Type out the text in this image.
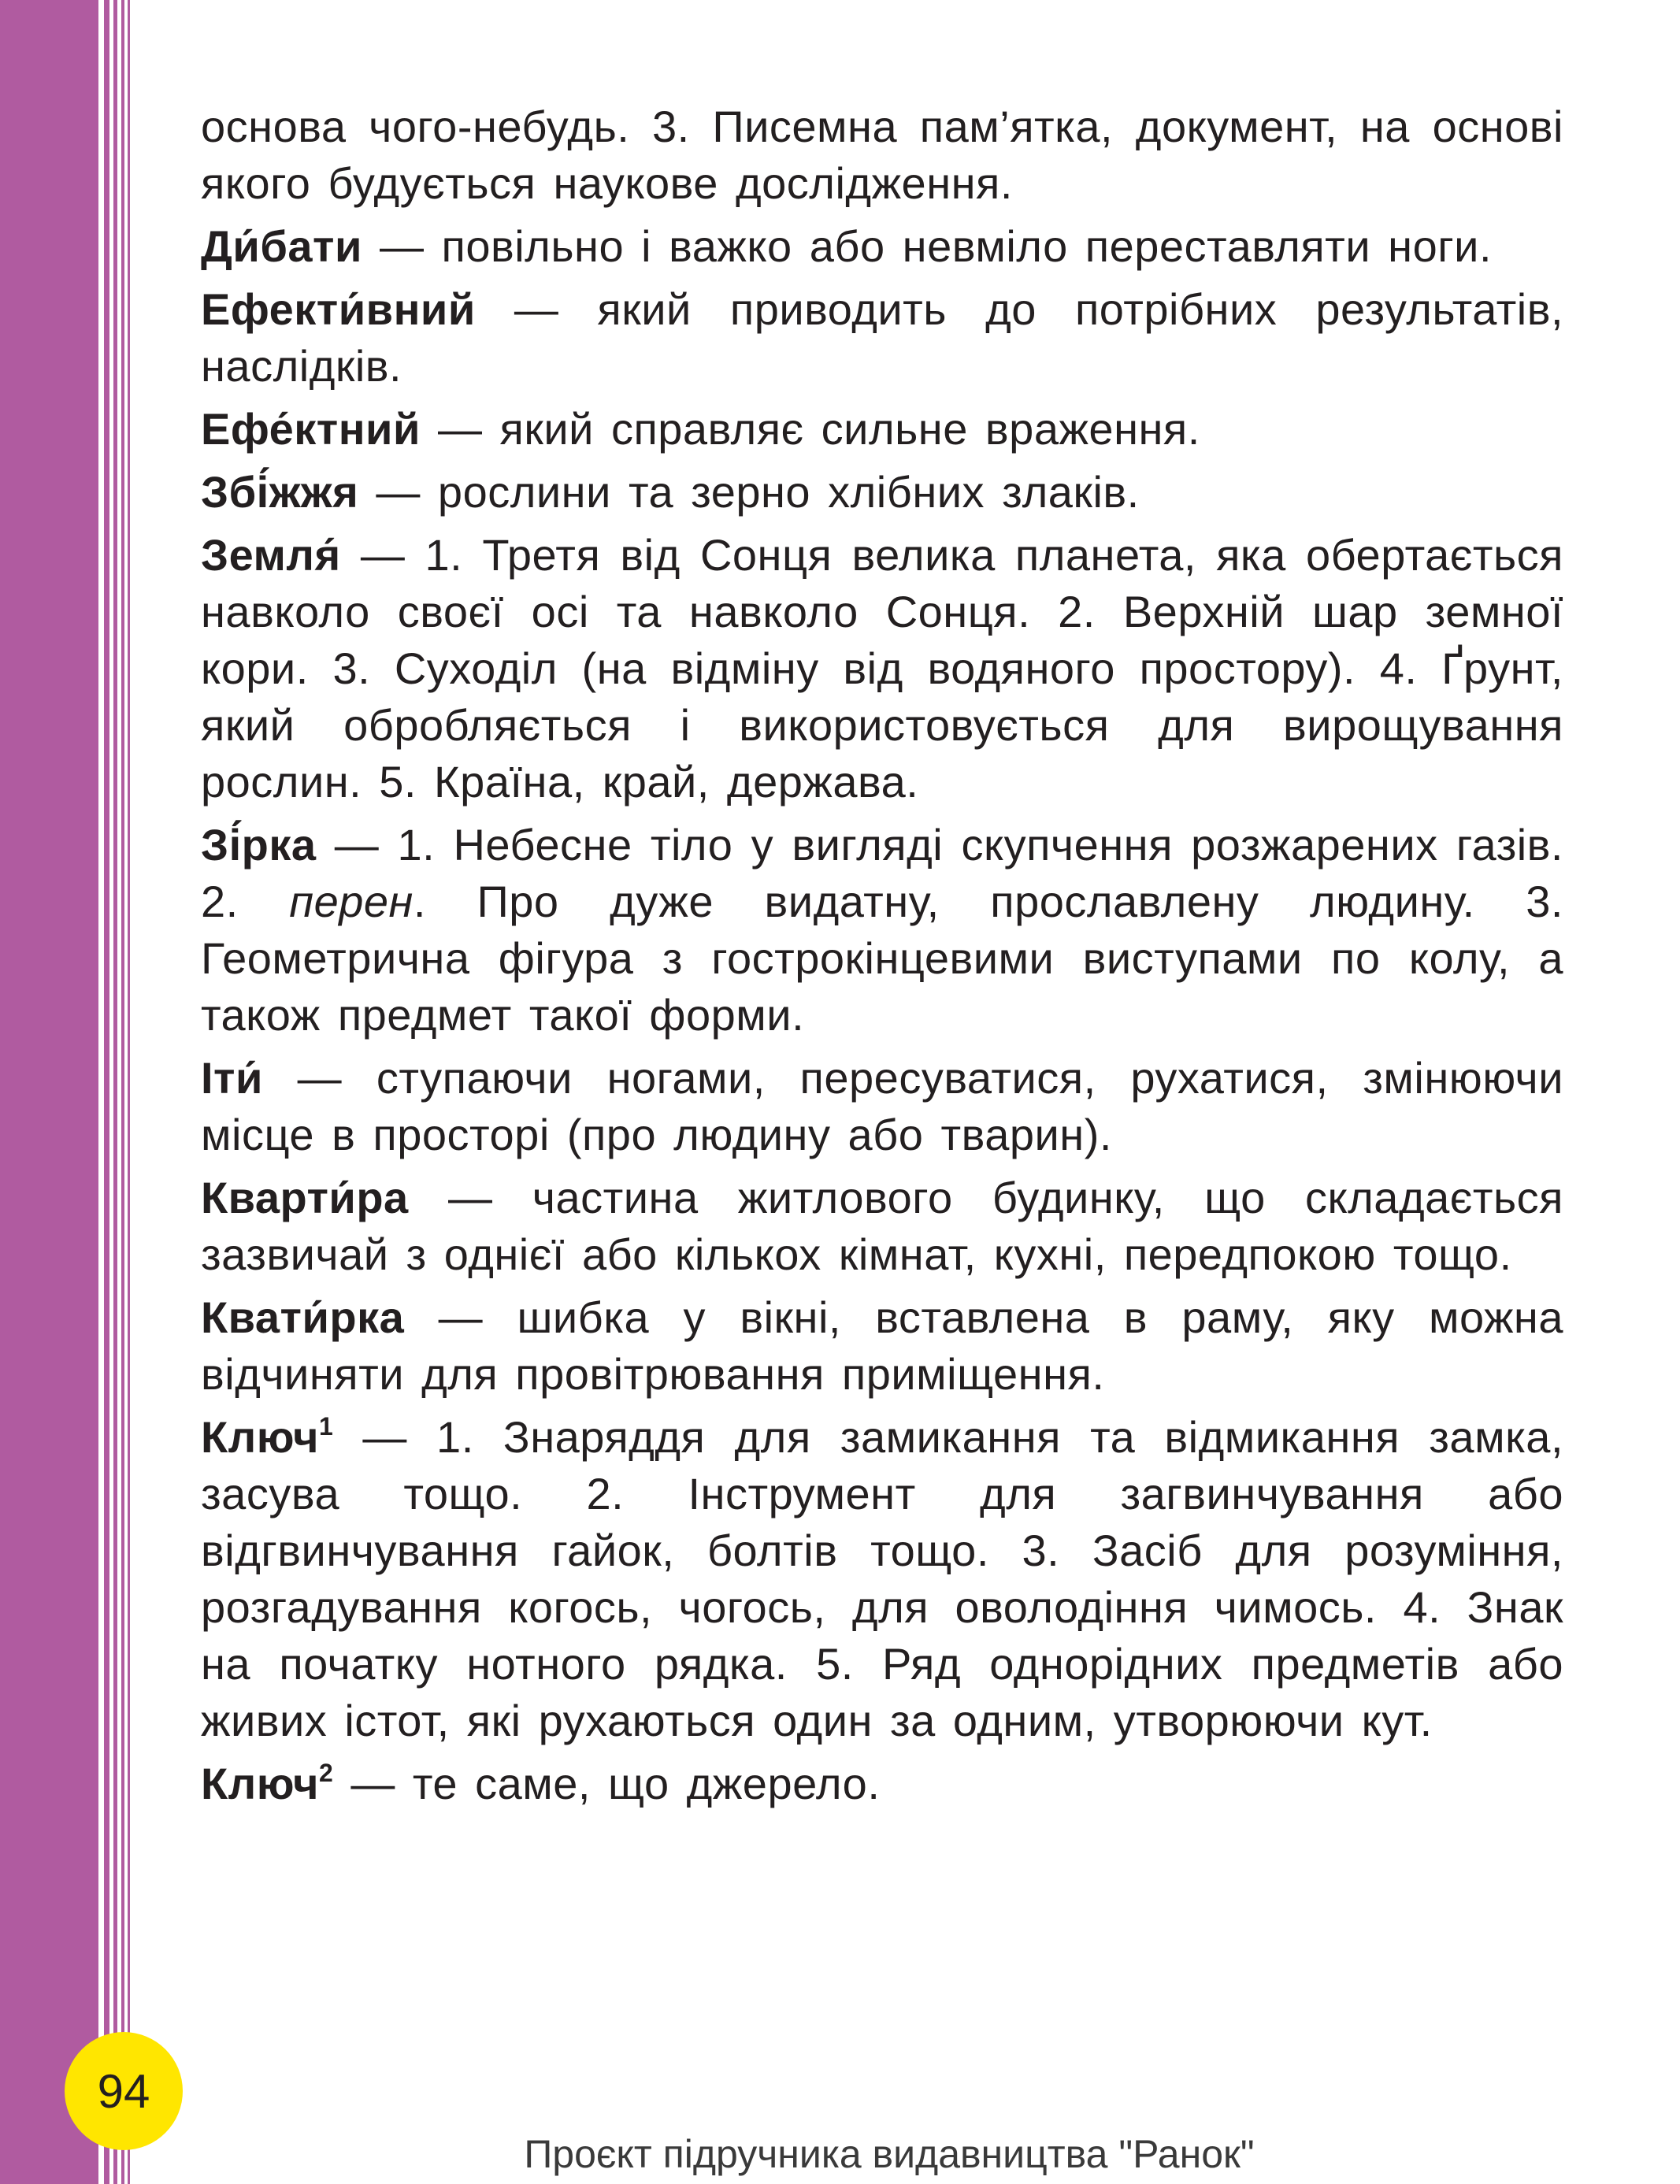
основа чого-небудь. 3. Писемна пам’ятка, документ, на основі якого будується наукове дослідження.

Ди́бати — повільно і важко або невміло переставляти ноги.

Ефекти́вний — який приводить до потрібних результатів, наслідків.

Ефе́ктний — який справляє сильне враження.

Збі́жжя — рослини та зерно хлібних злаків.

Земля́ — 1. Третя від Сонця велика планета, яка обертається навколо своєї осі та навколо Сонця. 2. Верхній шар земної кори. 3. Суходіл (на відміну від водяного простору). 4. Ґрунт, який обробляється і використовується для вирощування рослин. 5. Країна, край, держава.

Зі́рка — 1. Небесне тіло у вигляді скупчення розжарених газів. 2. перен. Про дуже видатну, прославлену людину. 3. Геометрична фігура з гострокінцевими виступами по колу, а також предмет такої форми.

Іти́ — ступаючи ногами, пересуватися, рухатися, змінюючи місце в просторі (про людину або тварин).

Кварти́ра — частина житлового будинку, що складається зазвичай з однієї або кількох кімнат, кухні, передпокою тощо.

Квати́рка — шибка у вікні, вставлена в раму, яку можна відчиняти для провітрювання приміщення.

Ключ$^1$ — 1. Знаряддя для замикання та відмикання замка, засува тощо. 2. Інструмент для загвинчування або відгвинчування гайок, болтів тощо. 3. Засіб для розуміння, розгадування когось, чогось, для оволодіння чимось. 4. Знак на початку нотного рядка. 5. Ряд однорідних предметів або живих істот, які рухаються один за одним, утворюючи кут.

Ключ$^2$ — те саме, що джерело.

94
Проєкт підручника видавництва "Ранок"
